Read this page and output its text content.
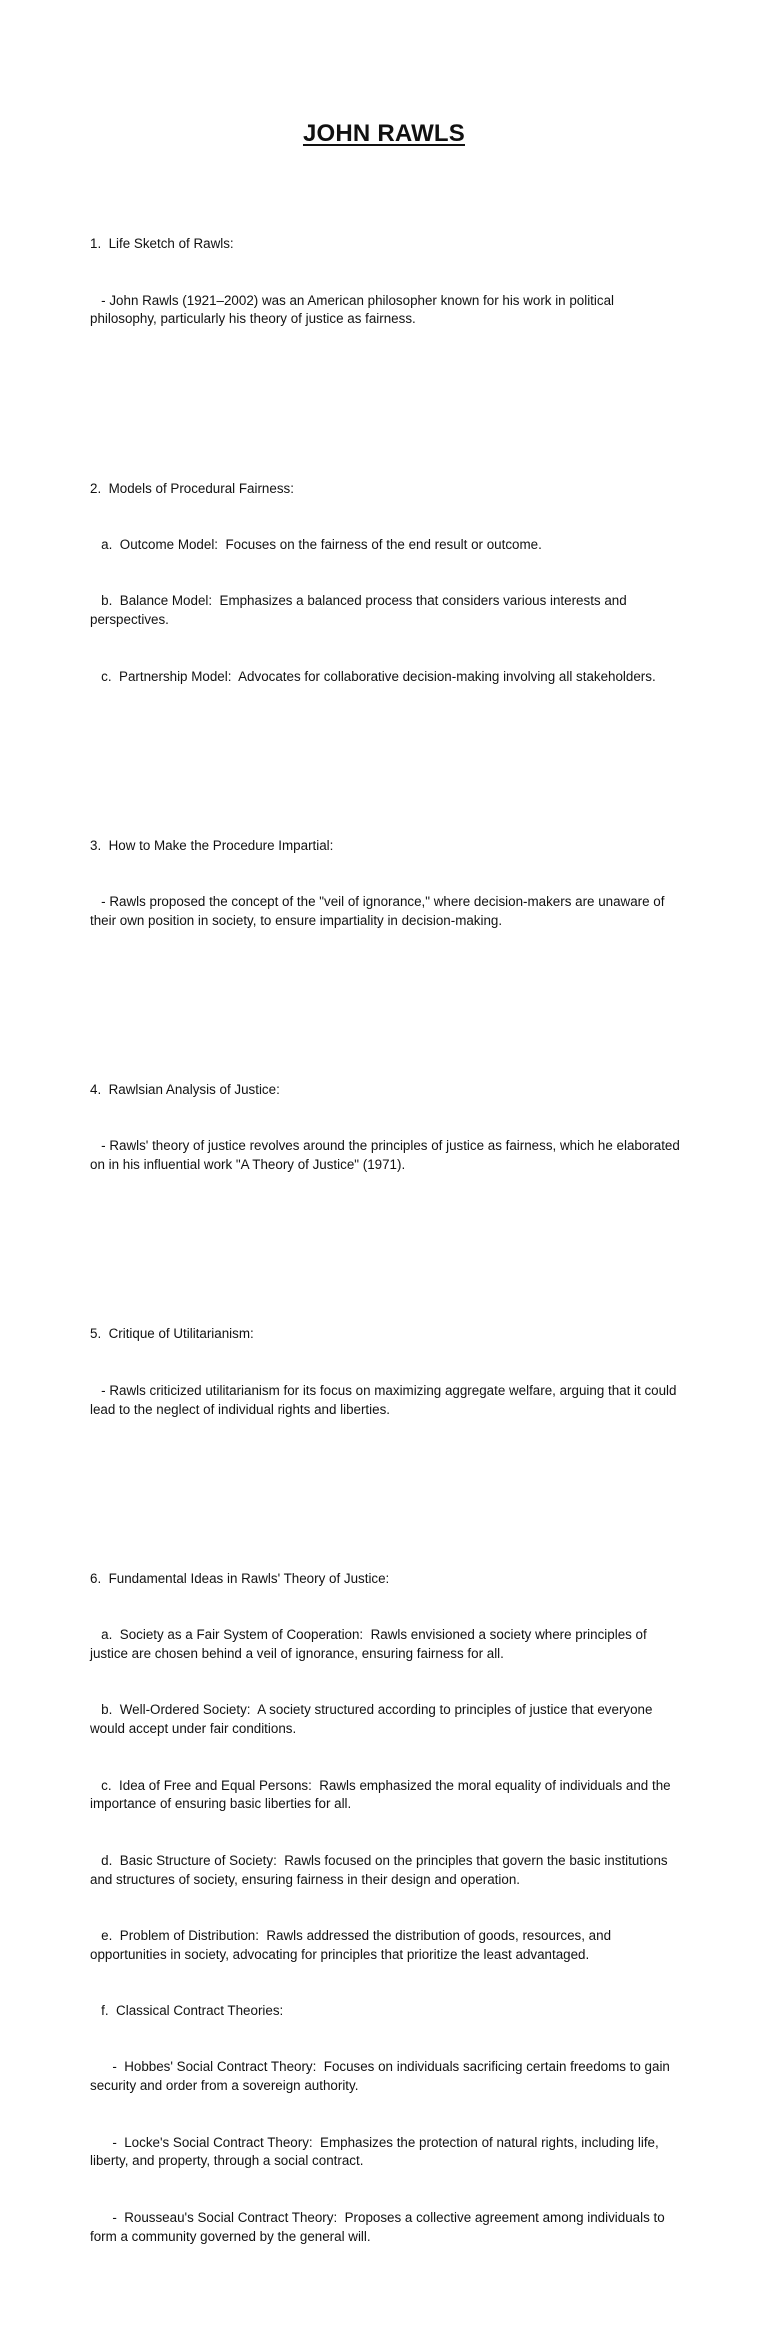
JOHN RAWLS

1.  Life Sketch of Rawls:

- John Rawls (1921–2002) was an American philosopher known for his work in political philosophy, particularly his theory of justice as fairness.

2.  Models of Procedural Fairness:

a.  Outcome Model:  Focuses on the fairness of the end result or outcome.

b.  Balance Model:  Emphasizes a balanced process that considers various interests and perspectives.

c.  Partnership Model:  Advocates for collaborative decision-making involving all stakeholders.

3.  How to Make the Procedure Impartial:

- Rawls proposed the concept of the "veil of ignorance," where decision-makers are unaware of their own position in society, to ensure impartiality in decision-making.

4.  Rawlsian Analysis of Justice:

- Rawls' theory of justice revolves around the principles of justice as fairness, which he elaborated on in his influential work "A Theory of Justice" (1971).

5.  Critique of Utilitarianism:

- Rawls criticized utilitarianism for its focus on maximizing aggregate welfare, arguing that it could lead to the neglect of individual rights and liberties.

6.  Fundamental Ideas in Rawls' Theory of Justice:

a.  Society as a Fair System of Cooperation:  Rawls envisioned a society where principles of justice are chosen behind a veil of ignorance, ensuring fairness for all.

b.  Well-Ordered Society:  A society structured according to principles of justice that everyone would accept under fair conditions.

c.  Idea of Free and Equal Persons:  Rawls emphasized the moral equality of individuals and the importance of ensuring basic liberties for all.

d.  Basic Structure of Society:  Rawls focused on the principles that govern the basic institutions and structures of society, ensuring fairness in their design and operation.

e.  Problem of Distribution:  Rawls addressed the distribution of goods, resources, and opportunities in society, advocating for principles that prioritize the least advantaged.

f.  Classical Contract Theories:

-  Hobbes' Social Contract Theory:  Focuses on individuals sacrificing certain freedoms to gain security and order from a sovereign authority.

-  Locke's Social Contract Theory:  Emphasizes the protection of natural rights, including life, liberty, and property, through a social contract.

-  Rousseau's Social Contract Theory:  Proposes a collective agreement among individuals to form a community governed by the general will.
